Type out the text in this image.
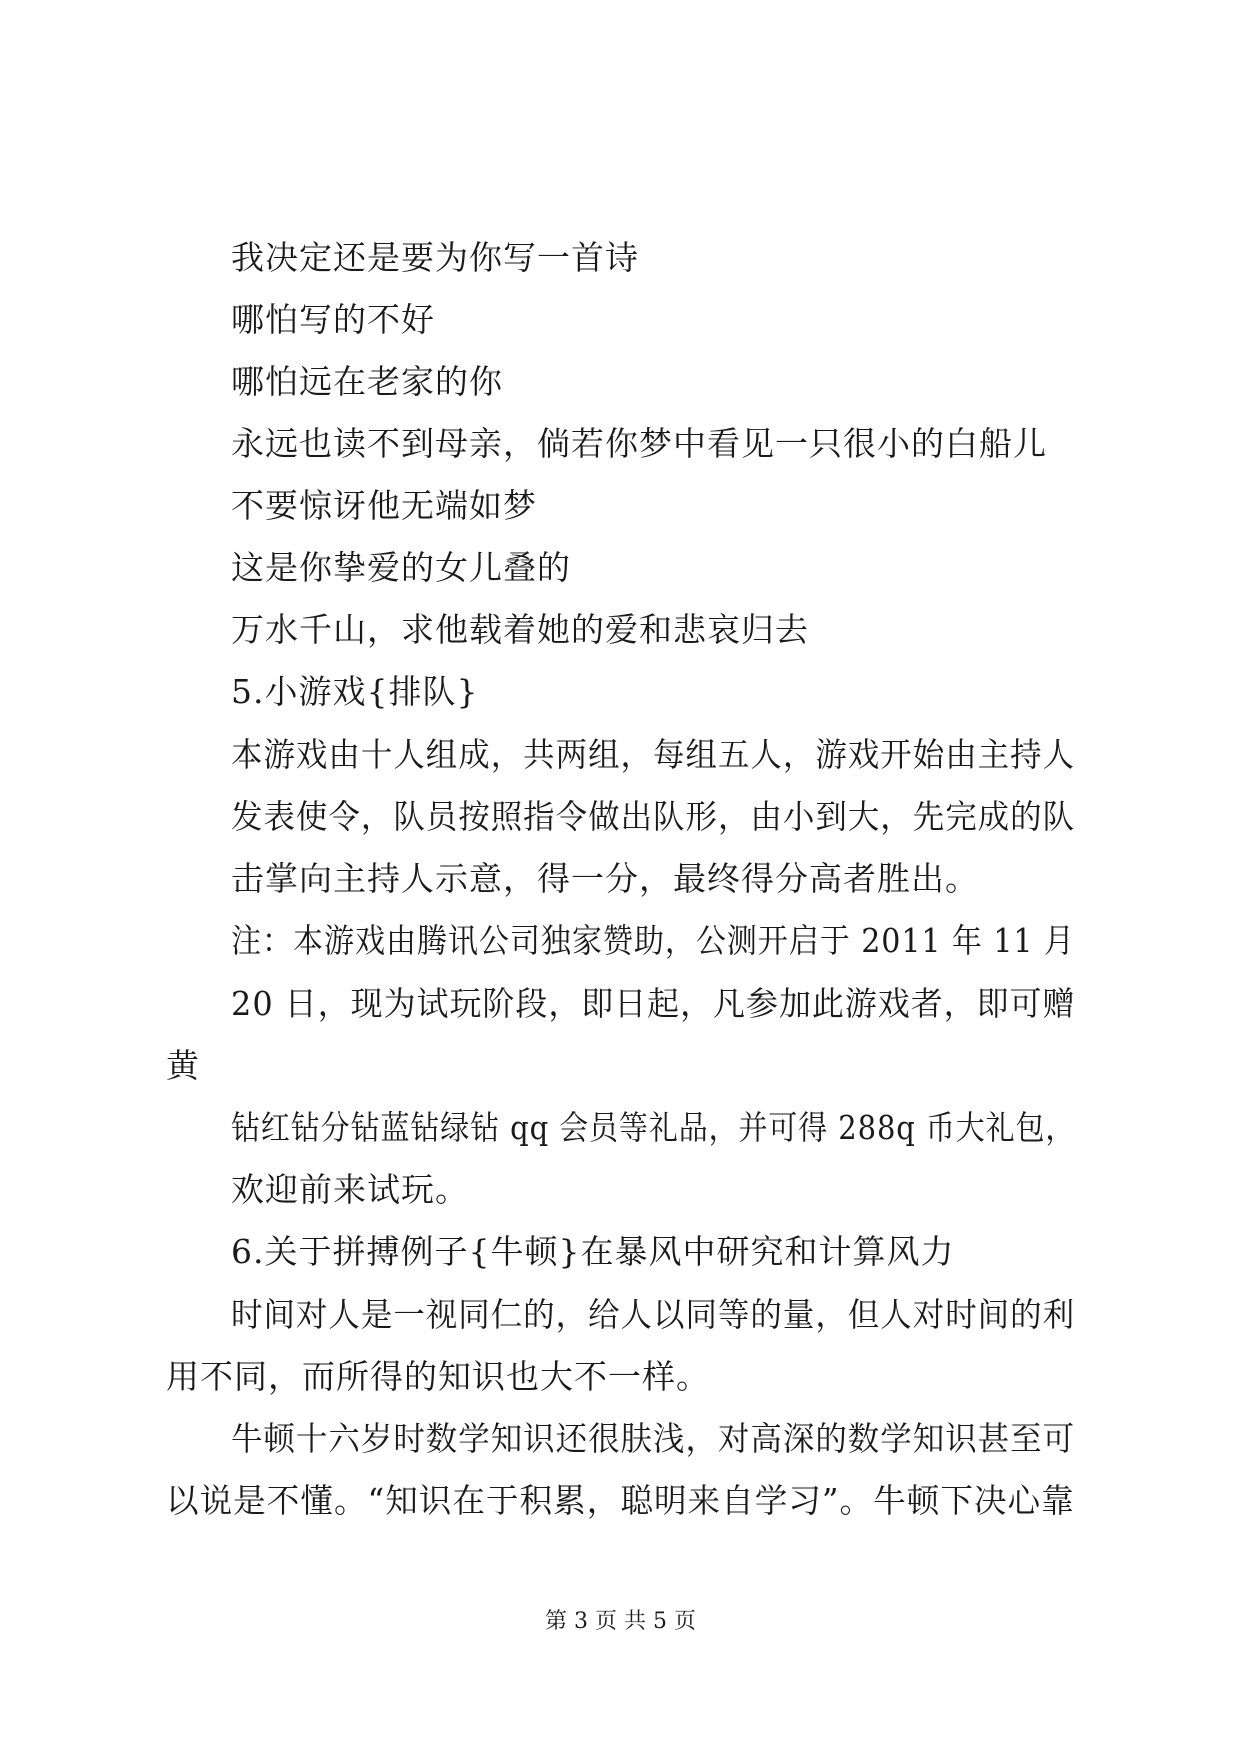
我决定还是要为你写一首诗
哪怕写的不好
哪怕远在老家的你
永远也读不到母亲，倘若你梦中看见一只很小的白船儿
不要惊讶他无端如梦
这是你挚爱的女儿叠的
万水千山，求他载着她的爱和悲哀归去
5.小游戏{排队}
本游戏由十人组成，共两组，每组五人，游戏开始由主持人
发表使令，队员按照指令做出队形，由小到大，先完成的队
击掌向主持人示意，得一分，最终得分高者胜出。
注：本游戏由腾讯公司独家赞助，公测开启于 2011 年 11 月
20 日，现为试玩阶段，即日起，凡参加此游戏者，即可赠
黄
钻红钻分钻蓝钻绿钻 qq 会员等礼品，并可得 288q 币大礼包，
欢迎前来试玩。
6.关于拼搏例子{牛顿}在暴风中研究和计算风力
时间对人是一视同仁的，给人以同等的量，但人对时间的利
用不同，而所得的知识也大不一样。
牛顿十六岁时数学知识还很肤浅，对高深的数学知识甚至可
以说是不懂。“知识在于积累，聪明来自学习”。牛顿下决心靠
第 3 页 共 5 页
